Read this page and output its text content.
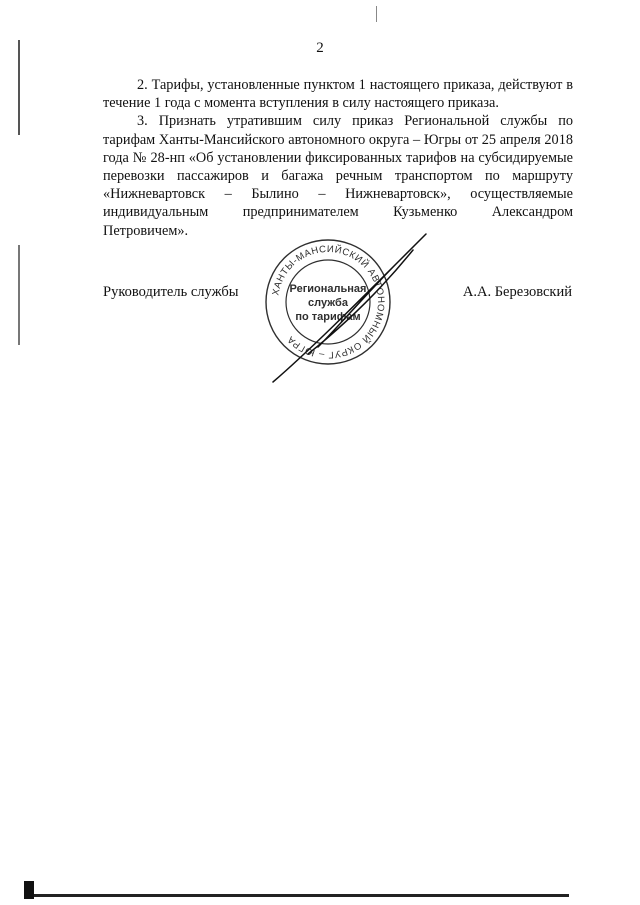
2

2. Тарифы, установленные пунктом 1 настоящего приказа, действуют в течение 1 года с момента вступления в силу настоящего приказа.

3. Признать утратившим силу приказ Региональной службы по тарифам Ханты-Мансийского автономного округа – Югры от 25 апреля 2018 года № 28-нп «Об установлении фиксированных тарифов на субсидируемые перевозки пассажиров и багажа речным транспортом по маршруту «Нижневартовск – Былино – Нижневартовск», осуществляемые индивидуальным предпринимателем Кузьменко Александром

Петровичем».

Руководитель службы	А.А. Березовский
ХАНТЫ-МАНСИЙСКИЙ АВТОНОМНЫЙ ОКРУГ – ЮГРА
Региональная
служба
по тарифам
